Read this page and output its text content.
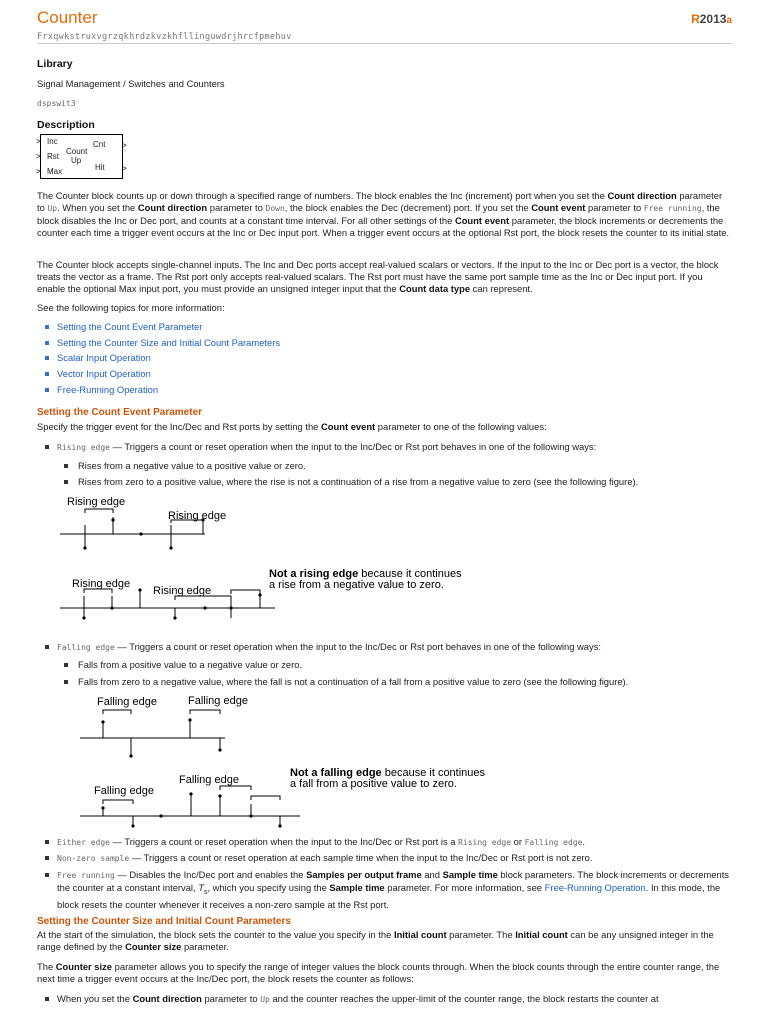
Counter
Frxqwkstruxvgrzqkhrdzkvzkhfllinguwdrjhrcfpmehuv
R2013a
Library
Signal Management / Switches and Counters
dspswit3
Description
>
>
>
Inc
Rst
Max
Cnt
Hit
Count
Up
>
>
The Counter block counts up or down through a specified range of numbers. The block enables the Inc (increment) port when you set the Count direction parameter to Up. When you set the Count direction parameter to Down, the block enables the Dec (decrement) port. If you set the Count event parameter to Free running, the block disables the Inc or Dec port, and counts at a constant time interval. For all other settings of the Count event parameter, the block increments or decrements the counter each time a trigger event occurs at the Inc or Dec input port. When a trigger event occurs at the optional Rst port, the block resets the counter to its initial state.
The Counter block accepts single-channel inputs. The Inc and Dec ports accept real-valued scalars or vectors. If the input to the Inc or Dec port is a vector, the block treats the vector as a frame. The Rst port only accepts real-valued scalars. The Rst port must have the same port sample time as the Inc or Dec input port. If you enable the optional Max input port, you must provide an unsigned integer input that the Count data type can represent.
See the following topics for more information:
Setting the Count Event Parameter
Setting the Counter Size and Initial Count Parameters
Scalar Input Operation
Vector Input Operation
Free-Running Operation
Setting the Count Event Parameter
Specify the trigger event for the Inc/Dec and Rst ports by setting the Count event parameter to one of the following values:
Rising edge — Triggers a count or reset operation when the input to the Inc/Dec or Rst port behaves in one of the following ways:
Rises from a negative value to a positive value or zero.
Rises from zero to a positive value, where the rise is not a continuation of a rise from a negative value to zero (see the following figure).
Rising edge
Rising edge
Rising edge
Rising edge
Not a rising edge because it continues
a rise from a negative value to zero.
Falling edge — Triggers a count or reset operation when the input to the Inc/Dec or Rst port behaves in one of the following ways:
Falls from a positive value to a negative value or zero.
Falls from zero to a negative value, where the fall is not a continuation of a fall from a positive value to zero (see the following figure).
Falling edge	Falling edge
Falling edge
Falling edge
Not a falling edge because it continues
a fall from a positive value to zero.
Either edge — Triggers a count or reset operation when the input to the Inc/Dec or Rst port is a Rising edge or Falling edge.
Non-zero sample — Triggers a count or reset operation at each sample time when the input to the Inc/Dec or Rst port is not zero.
Free running — Disables the Inc/Dec port and enables the Samples per output frame and Sample time block parameters. The block increments or decrements the counter at a constant interval, $T_s$, which you specify using the Sample time parameter. For more information, see Free-Running Operation. In this mode, the block resets the counter whenever it receives a non-zero sample at the Rst port.
Setting the Counter Size and Initial Count Parameters
At the start of the simulation, the block sets the counter to the value you specify in the Initial count parameter. The Initial count can be any unsigned integer in the range defined by the Counter size parameter.
The Counter size parameter allows you to specify the range of integer values the block counts through. When the block counts through the entire counter range, the next time a trigger event occurs at the Inc/Dec port, the block resets the counter as follows:
When you set the Count direction parameter to Up and the counter reaches the upper-limit of the counter range, the block restarts the counter at
